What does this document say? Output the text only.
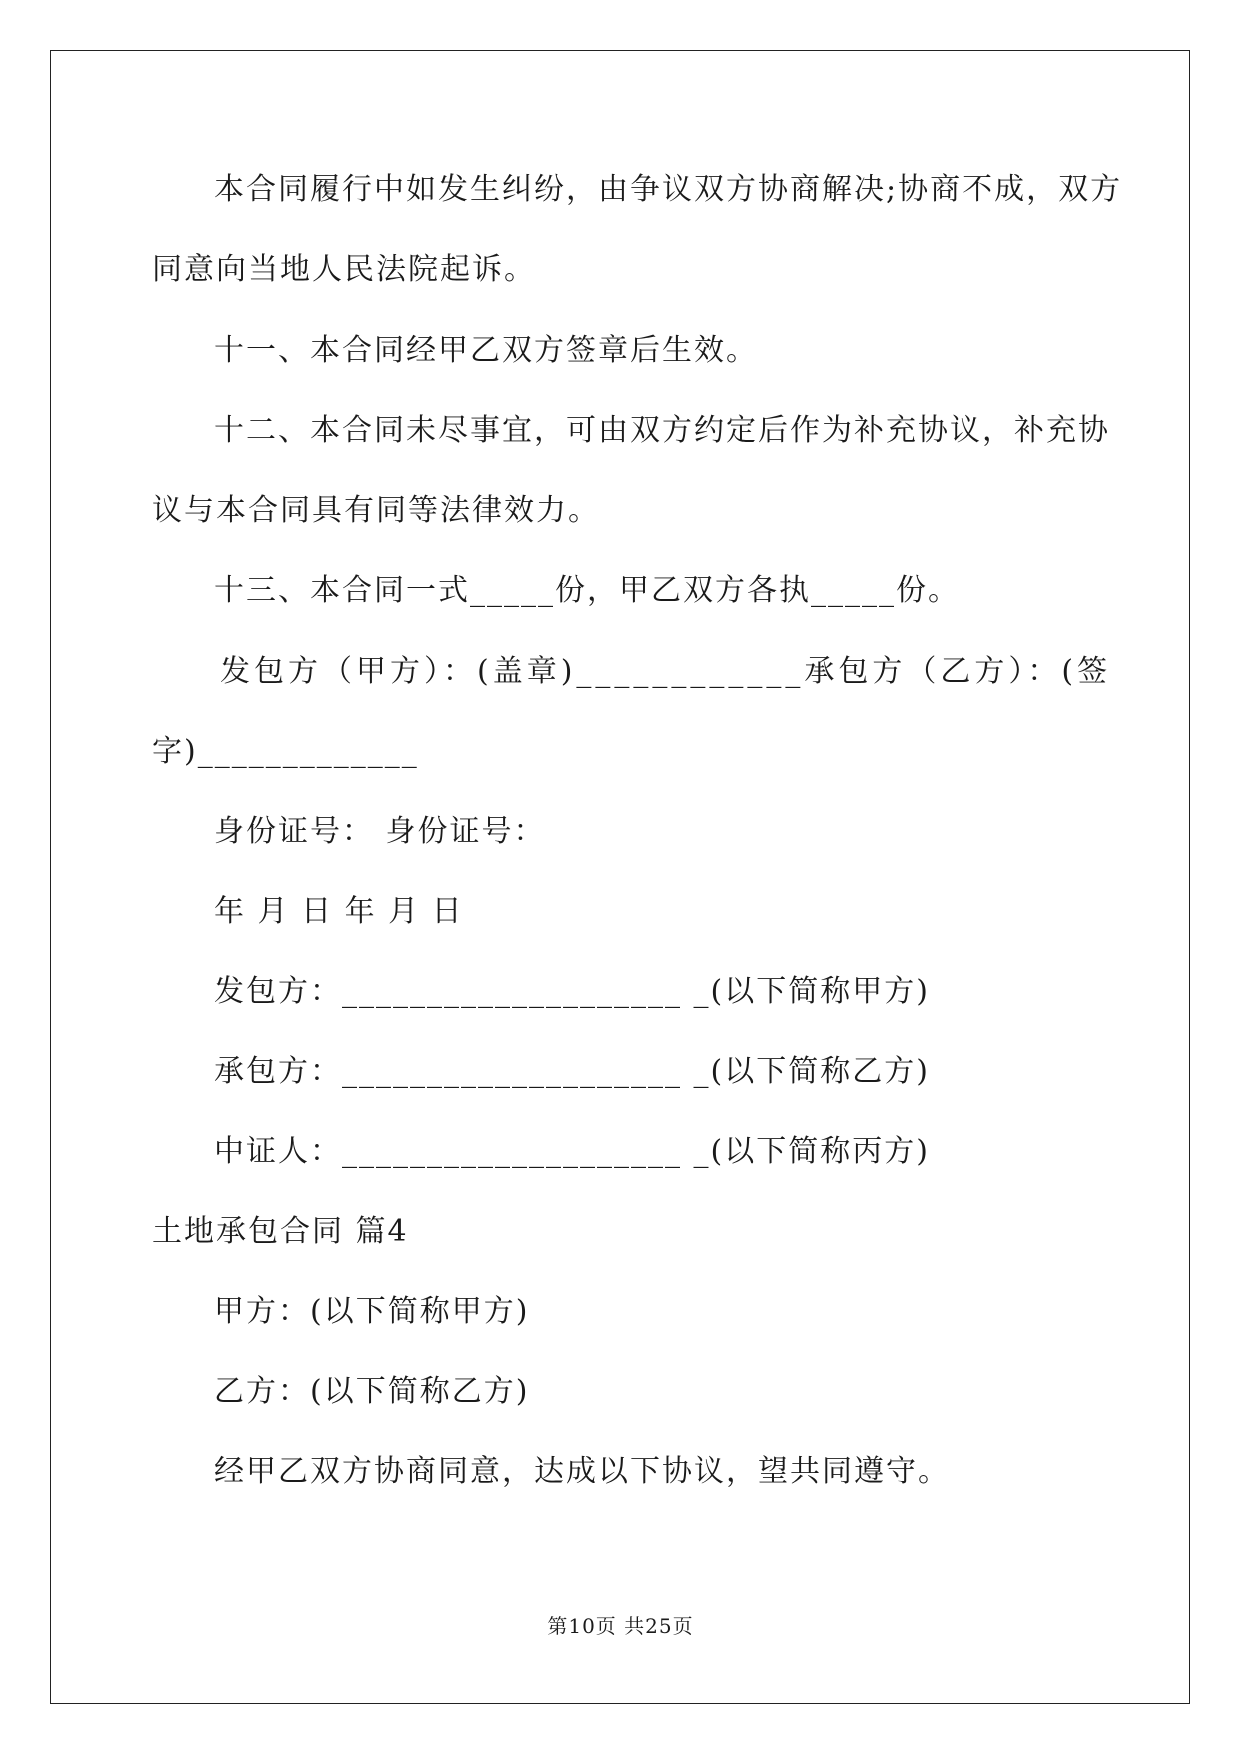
本合同履行中如发生纠纷，由争议双方协商解决;协商不成，双方
同意向当地人民法院起诉。
十一、本合同经甲乙双方签章后生效。
十二、本合同未尽事宜，可由双方约定后作为补充协议，补充协
议与本合同具有同等法律效力。
十三、本合同一式_____份，甲乙双方各执_____份。
发包方（甲方）：(盖章)____________承包方（乙方）：(签
字)_____________
身份证号： 身份证号：
年 月 日 年 月 日
发包方：____________________ _(以下简称甲方)
承包方：____________________ _(以下简称乙方)
中证人：____________________ _(以下简称丙方)
土地承包合同 篇4
甲方：(以下简称甲方)
乙方：(以下简称乙方)
经甲乙双方协商同意，达成以下协议，望共同遵守。
第10页 共25页
